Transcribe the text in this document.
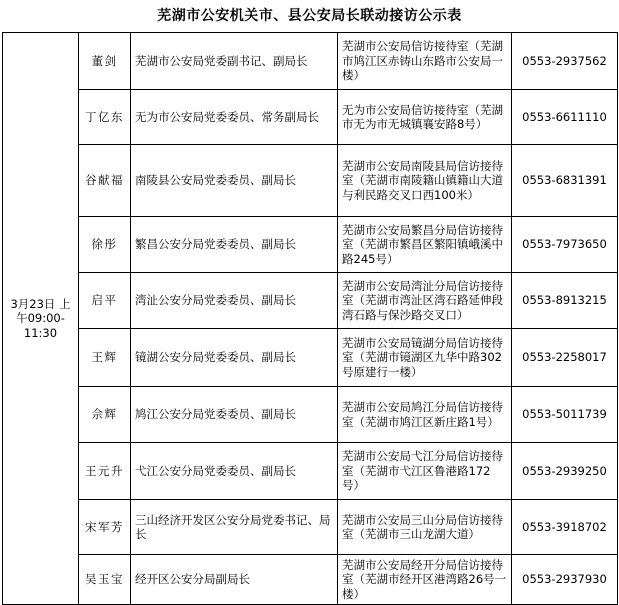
芜湖市公安机关市、县公安局长联动接访公示表
3月23日 上午09:00-11:30	董剑	芜湖市公安局党委副书记、副局长	芜湖市公安局信访接待室（芜湖市鸠江区赤铸山东路市公安局一楼）	0553-2937562
	丁亿东	无为市公安局党委委员、常务副局长	无为市公安局信访接待室（芜湖市无为市无城镇襄安路8号）	0553-6611110
	谷献福	南陵县公安局党委委员、副局长	芜湖市公安局南陵县局信访接待室（芜湖市南陵籍山镇籍山大道与利民路交叉口西100米）	0553-6831391
	徐彤	繁昌公安分局党委委员、副局长	芜湖市公安局繁昌分局信访接待室（芜湖市繁昌区繁阳镇峨溪中路245号）	0553-7973650
	启平	湾沚公安分局党委委员、副局长	芜湖市公安局湾沚分局信访接待室（芜湖市湾沚区湾石路延伸段湾石路与保沙路交叉口）	0553-8913215
	王辉	镜湖公安分局党委委员、副局长	芜湖市公安局镜湖分局信访接待室（芜湖市镜湖区九华中路302号原建行一楼）	0553-2258017
	佘辉	鸠江公安分局党委委员、副局长	芜湖市公安局鸠江分局信访接待室（芜湖市鸠江区新庄路1号）	0553-5011739
	王元升	弋江公安分局党委委员、副局长	芜湖市公安局弋江分局信访接待室（芜湖市弋江区鲁港路172号）	0553-2939250
	宋军芳	三山经济开发区公安分局党委书记、局长	芜湖市公安局三山分局信访接待室（芜湖市三山龙湖大道）	0553-3918702
	吴玉宝	经开区公安分局副局长	芜湖市公安局经开分局信访接待室（芜湖市经开区港湾路26号一楼）	0553-2937930
